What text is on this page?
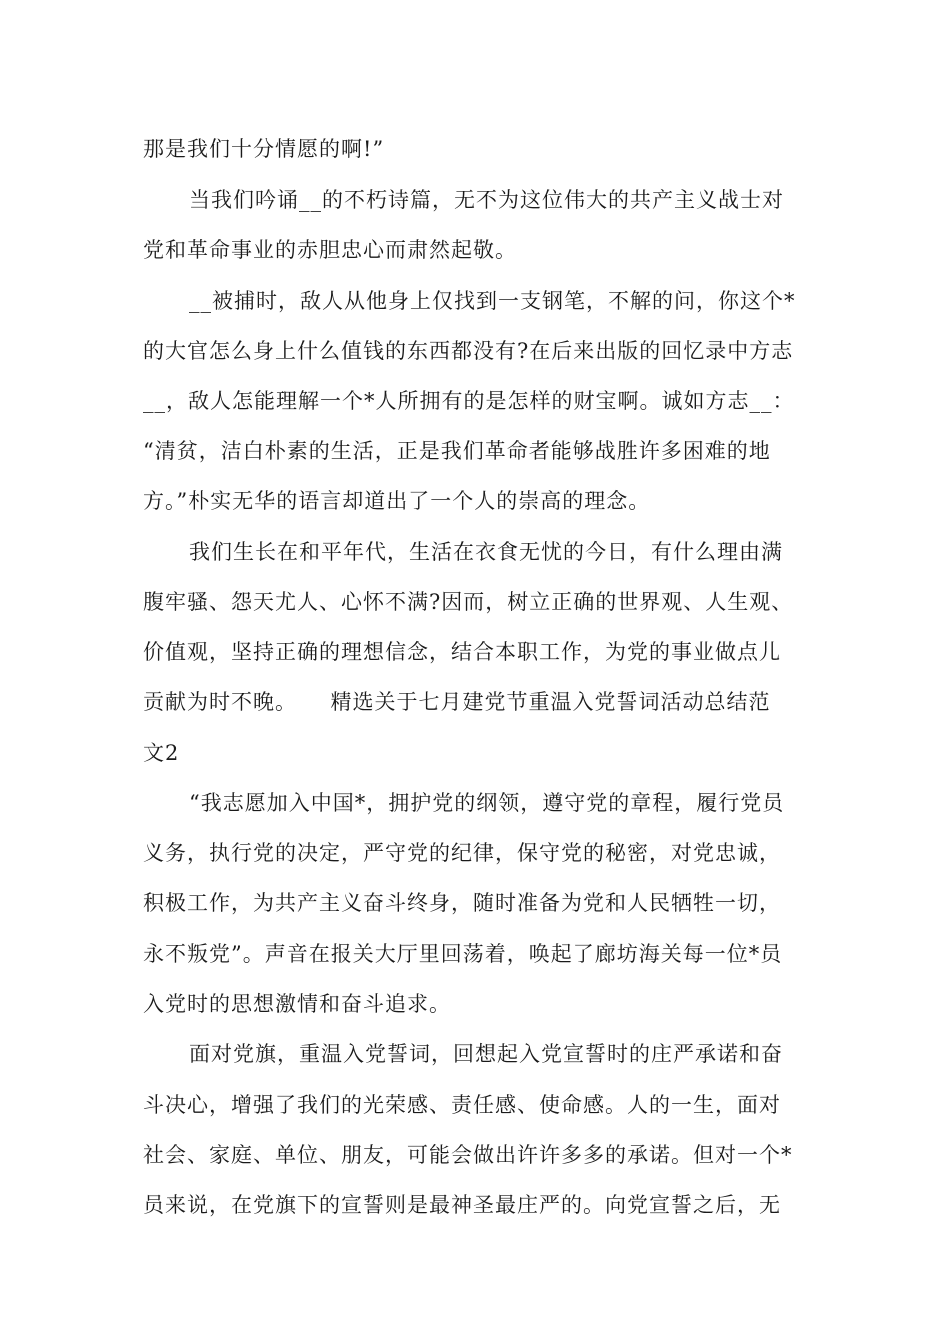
那是我们十分情愿的啊!”
当我们吟诵__的不朽诗篇，无不为这位伟大的共产主义战士对
党和革命事业的赤胆忠心而肃然起敬。
__被捕时，敌人从他身上仅找到一支钢笔，不解的问，你这个*
的大官怎么身上什么值钱的东西都没有?在后来出版的回忆录中方志
__，敌人怎能理解一个*人所拥有的是怎样的财宝啊。诚如方志__：
“清贫，洁白朴素的生活，正是我们革命者能够战胜许多困难的地
方。”朴实无华的语言却道出了一个人的崇高的理念。
我们生长在和平年代，生活在衣食无忧的今日，有什么理由满
腹牢骚、怨天尤人、心怀不满?因而，树立正确的世界观、人生观、
价值观，坚持正确的理想信念，结合本职工作，为党的事业做点儿
贡献为时不晚。　　精选关于七月建党节重温入党誓词活动总结范
文2
“我志愿加入中国*，拥护党的纲领，遵守党的章程，履行党员
义务，执行党的决定，严守党的纪律，保守党的秘密，对党忠诚，
积极工作，为共产主义奋斗终身，随时准备为党和人民牺牲一切，
永不叛党”。声音在报关大厅里回荡着，唤起了廊坊海关每一位*员
入党时的思想激情和奋斗追求。
面对党旗，重温入党誓词，回想起入党宣誓时的庄严承诺和奋
斗决心，增强了我们的光荣感、责任感、使命感。人的一生，面对
社会、家庭、单位、朋友，可能会做出许许多多的承诺。但对一个*
员来说，在党旗下的宣誓则是最神圣最庄严的。向党宣誓之后，无
